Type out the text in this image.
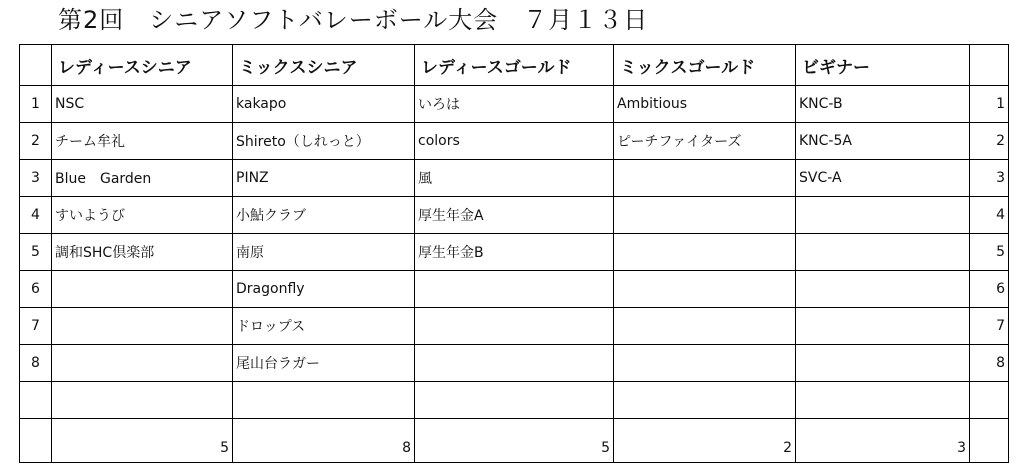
第2回　シニアソフトバレーボール大会　７月１３日
	レディースシニア	ミックスシニア	レディースゴールド	ミックスゴールド	ビギナー	
1	NSC	kakapo	いろは	Ambitious	KNC-B	1
2	チーム牟礼	Shireto（しれっと）	colors	ピーチファイターズ	KNC-5A	2
3	Blue　Garden	PINZ	風		SVC-A	3
4	すいようび	小鮎クラブ	厚生年金A			4
5	調和SHC倶楽部	南原	厚生年金B			5
6		Dragonfly				6
7		ドロップス				7
8		尾山台ラガー				8

	5	8	5	2	3	
